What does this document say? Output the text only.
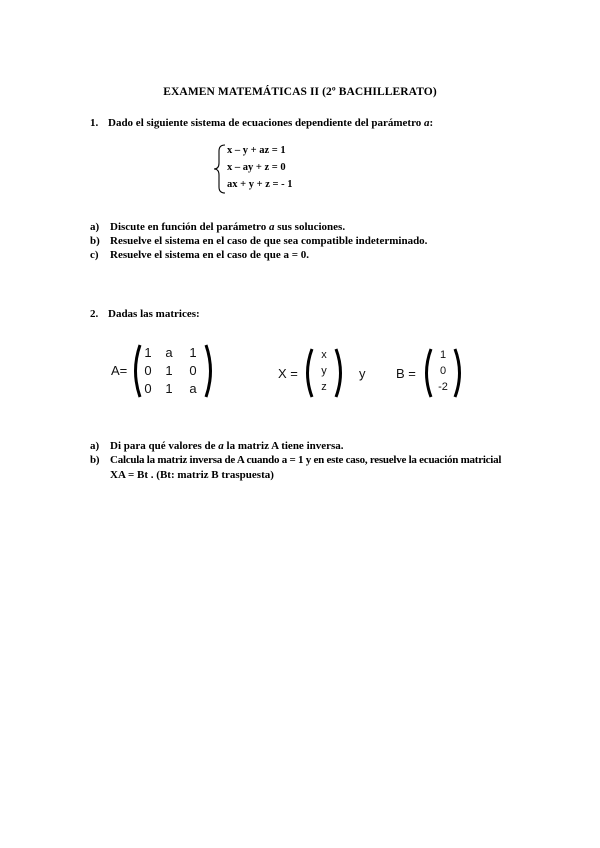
EXAMEN MATEMÁTICAS II (2º BACHILLERATO)
1. Dado el siguiente sistema de ecuaciones dependiente del parámetro a:
x – y + az = 1
x – ay + z = 0
ax + y + z = - 1
a) Discute en función del parámetro a sus soluciones.
b) Resuelve el sistema en el caso de que sea compatible indeterminado.
c) Resuelve el sistema en el caso de que a = 0.
2. Dadas las matrices:
A=
1	a	1
0	1	0
0	1	a
X =
x
y
z
y B =
1
0
-2
a) Di para qué valores de a la matriz A tiene inversa.
b) Calcula la matriz inversa de A cuando a = 1 y en este caso, resuelve la ecuación matricial
XA = Bt . (Bt: matriz B traspuesta)
